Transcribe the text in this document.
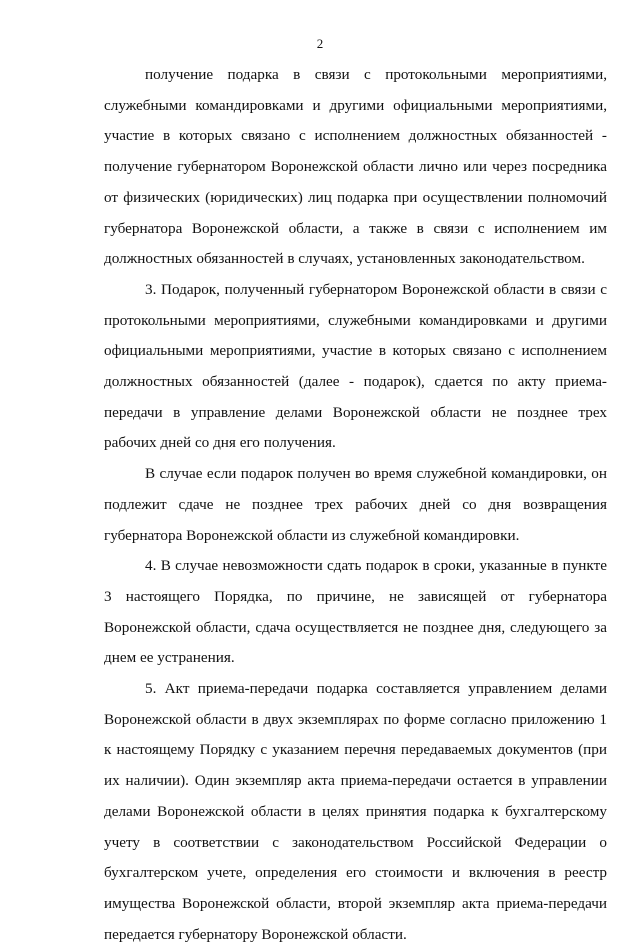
2

получение подарка в связи с протокольными мероприятиями, служебными командировками и другими официальными мероприятиями, участие в которых связано с исполнением должностных обязанностей - получение губернатором Воронежской области лично или через посредника от физических (юридических) лиц подарка при осуществлении полномочий губернатора Воронежской области, а также в связи с исполнением им должностных обязанностей в случаях, установленных законодательством.

3. Подарок, полученный губернатором Воронежской области в связи с протокольными мероприятиями, служебными командировками и другими официальными мероприятиями, участие в которых связано с исполнением должностных обязанностей (далее - подарок), сдается по акту приема-передачи в управление делами Воронежской области не позднее трех рабочих дней со дня его получения.

В случае если подарок получен во время служебной командировки, он подлежит сдаче не позднее трех рабочих дней со дня возвращения губернатора Воронежской области из служебной командировки.

4. В случае невозможности сдать подарок в сроки, указанные в пункте 3 настоящего Порядка, по причине, не зависящей от губернатора Воронежской области, сдача осуществляется не позднее дня, следующего за днем ее устранения.

5. Акт приема-передачи подарка составляется управлением делами Воронежской области в двух экземплярах по форме согласно приложению 1 к настоящему Порядку с указанием перечня передаваемых документов (при их наличии). Один экземпляр акта приема-передачи остается в управлении делами Воронежской области в целях принятия подарка к бухгалтерскому учету в соответствии с законодательством Российской Федерации о бухгалтерском учете, определения его стоимости и включения в реестр имущества Воронежской области, второй экземпляр акта приема-передачи передается губернатору Воронежской области.
